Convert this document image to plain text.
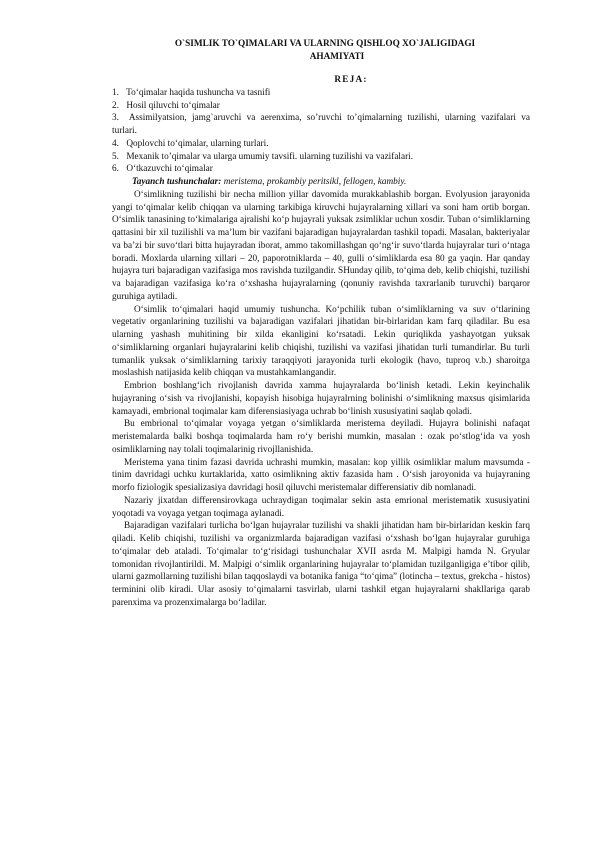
O`SIMLIK TO`QIMALARI VA ULARNING QISHLOQ XO`JALIGIDAGI
AHAMIYATI
REJA:
1. To‘qimalar haqida tushuncha va tasnifi
2. Hosil qiluvchi to‘qimalar
3. Assimilyatsion, jamg`aruvchi va aerenxima, so’ruvchi to’qimalarning tuzilishi, ularning vazifalari va turlari.
4. Qoplovchi to‘qimalar, ularning turlari.
5. Mexanik to’qimalar va ularga umumiy tavsifi. ularning tuzilishi va vazifalari.
6. O‘tkazuvchi to‘qimalar

Tayanch tushunchalar: meristema, prokambiy peritsikl, fellogen, kambiy.

O‘simlikning tuzilishi bir necha million yillar davomida murakkablashib borgan. Evolyusion jarayonida yangi to‘qimalar kelib chiqqan va ularning tarkibiga kiruvchi hujayralarning xillari va soni ham ortib borgan. O‘simlik tanasining to‘kimalariga ajralishi ko‘p hujayrali yuksak zsimliklar uchun xosdir. Tuban o‘simliklarning qattasini bir xil tuzilishli va ma’lum bir vazifani bajaradigan hujayralardan tashkil topadi. Masalan, bakteriyalar va ba’zi bir suvo‘tlari bitta hujayradan iborat, ammo takomillashgan qo‘ng‘ir suvo‘tlarda hujayralar turi o‘ntaga boradi. Moxlarda ularning xillari – 20, paporotniklarda – 40, gulli o‘simliklarda esa 80 ga yaqin. Har qanday hujayra turi bajaradigan vazifasiga mos ravishda tuzilgandir. SHunday qilib, to‘qima deb, kelib chiqishi, tuzilishi va bajaradigan vazifasiga ko‘ra o‘xshasha hujayralarning (qonuniy ravishda taxrarlanib turuvchi) barqaror guruhiga aytiladi.

O‘simlik to‘qimalari haqid umumiy tushuncha. Ko‘pchilik tuban o‘simliklarning va suv o‘tlarining vegetativ organlarining tuzilishi va bajaradigan vazifalari jihatidan bir-birlaridan kam farq qiladilar. Bu esa ularning yashash muhitining bir xilda ekanligini ko‘rsatadi. Lekin quriqlikda yashayotgan yuksak o‘simliklarning organlari hujayralarini kelib chiqishi, tuzilishi va vazifasi jihatidan turli tumandirlar. Bu turli tumanlik yuksak o‘simliklarning tarixiy taraqqiyoti jarayonida turli ekologik (havo, tuproq v.b.) sharoitga moslashish natijasida kelib chiqqan va mustahkamlangandir.

Embrion boshlang‘ich rivojlanish davrida xamma hujayralarda bo‘linish ketadi. Lekin keyinchalik hujayraning o‘sish va rivojlanishi, kopayish hisobiga hujayralrning bolinishi o‘simlikning maxsus qisimlarida kamayadi, embrional toqimalar kam diferensiasiyaga uchrab bo‘linish xususiyatini saqlab qoladi.

Bu embrional to‘qimalar voyaga yetgan o‘simliklarda meristema deyiladi. Hujayra bolinishi nafaqat meristemalarda balki boshqa toqimalarda ham ro‘y berishi mumkin, masalan : ozak po‘stlog‘ida va yosh osimliklarning nay tolali toqimalarinig rivojllanishida.

Meristema yana tinim fazasi davrida uchrashi mumkin, masalan: kop yillik osimliklar malum mavsumda - tinim davridagi uchku kurtaklarida, xatto osimlikning aktiv fazasida ham . O‘sish jaroyonida va hujayraning morfo fiziologik spesializasiya davridagi hosil qiluvchi meristemalar differensiativ dib nomlanadi.

Nazariy jixatdan differensirovkaga uchraydigan toqimalar sekin asta emrional meristematik xususiyatini yoqotadi va voyaga yetgan toqimaga aylanadi.

Bajaradigan vazifalari turlicha bo‘lgan hujayralar tuzilishi va shakli jihatidan ham bir-birlaridan keskin farq qiladi. Kelib chiqishi, tuzilishi va organizmlarda bajaradigan vazifasi o‘xshash bo‘lgan hujayralar guruhiga to‘qimalar deb ataladi. To‘qimalar to‘g‘risidagi tushunchalar XVII asrda M. Malpigi hamda N. Gryular tomonidan rivojlantirildi. M. Malpigi o‘simlik organlarining hujayralar to‘plamidan tuzilganligiga e’tibor qilib, ularni gazmollarning tuzilishi bilan taqqoslaydi va botanika faniga “to‘qima” (lotincha – textus, grekcha - histos) terminini olib kiradi. Ular asosiy to‘qimalarni tasvirlab, ularni tashkil etgan hujayralarni shakllariga qarab parenxima va prozenximalarga bo‘ladilar.
